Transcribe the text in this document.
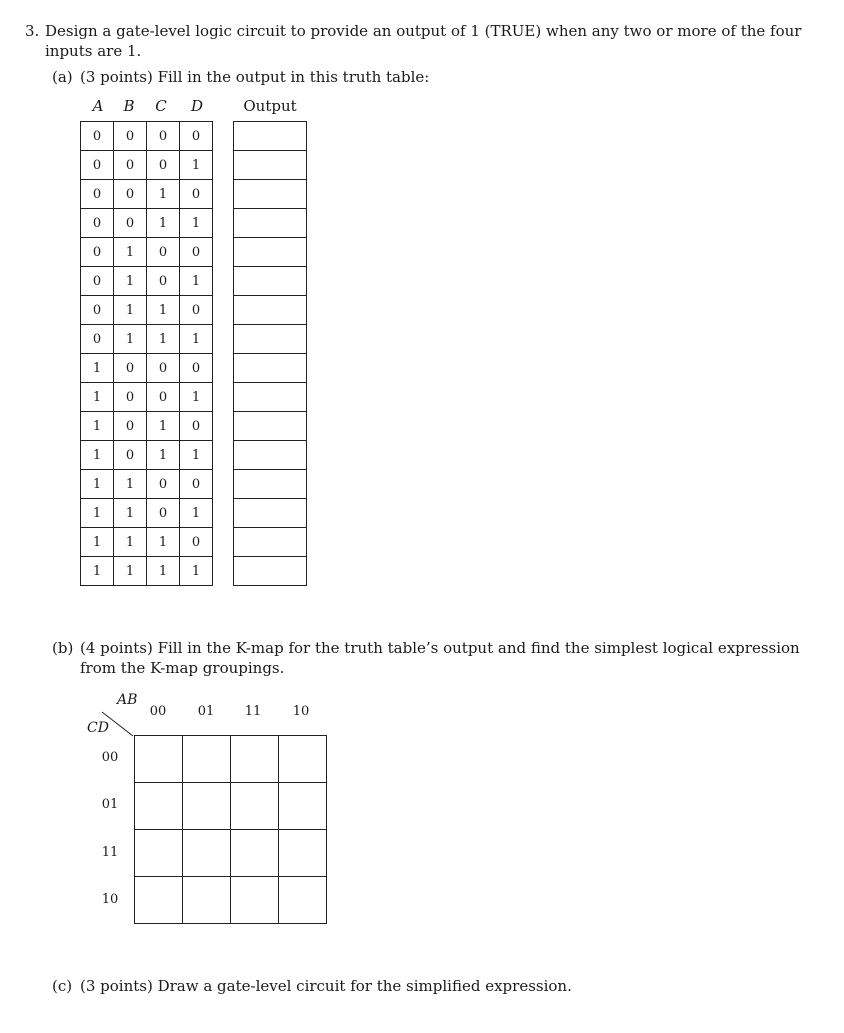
3. Design a gate-level logic circuit to provide an output of 1 (TRUE) when any two or more of the four
inputs are 1.
(a) (3 points) Fill in the output in this truth table:
A	B	C	D	Output
0	0	0	0
0	0	0	1
0	0	1	0
0	0	1	1
0	1	0	0
0	1	0	1
0	1	1	0
0	1	1	1
1	0	0	0
1	0	0	1
1	0	1	0
1	0	1	1
1	1	0	0
1	1	0	1
1	1	1	0
1	1	1	1

(b) (4 points) Fill in the K-map for the truth table’s output and find the simplest logical expression
from the K-map groupings.
AB
CD
00	01	11	10
00
01
11
10

(c) (3 points) Draw a gate-level circuit for the simplified expression.
